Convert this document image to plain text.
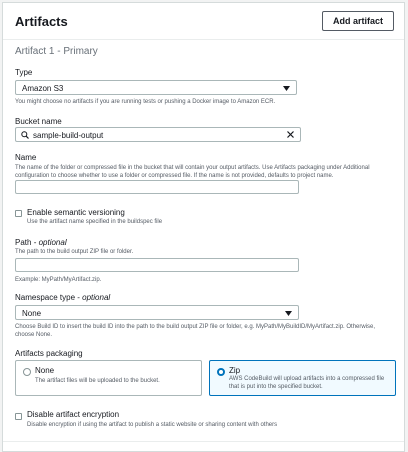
Artifacts	Add artifact
Artifact 1 - Primary
Type
Amazon S3
You might choose no artifacts if you are running tests or pushing a Docker image to Amazon ECR.
Bucket name
sample-build-output
Name
The name of the folder or compressed file in the bucket that will contain your output artifacts. Use Artifacts packaging under Additional configuration to choose whether to use a folder or compressed file. If the name is not provided, defaults to project name.
Enable semantic versioning
Use the artifact name specified in the buildspec file
Path - optional
The path to the build output ZIP file or folder.
Example: MyPath/MyArtifact.zip.
Namespace type - optional
None
Choose Build ID to insert the build ID into the path to the build output ZIP file or folder, e.g. MyPath/MyBuildID/MyArtifact.zip. Otherwise, choose None.
Artifacts packaging
None
The artifact files will be uploaded to the bucket.
Zip
AWS CodeBuild will upload artifacts into a compressed file that is put into the specified bucket.
Disable artifact encryption
Disable encryption if using the artifact to publish a static website or sharing content with others
